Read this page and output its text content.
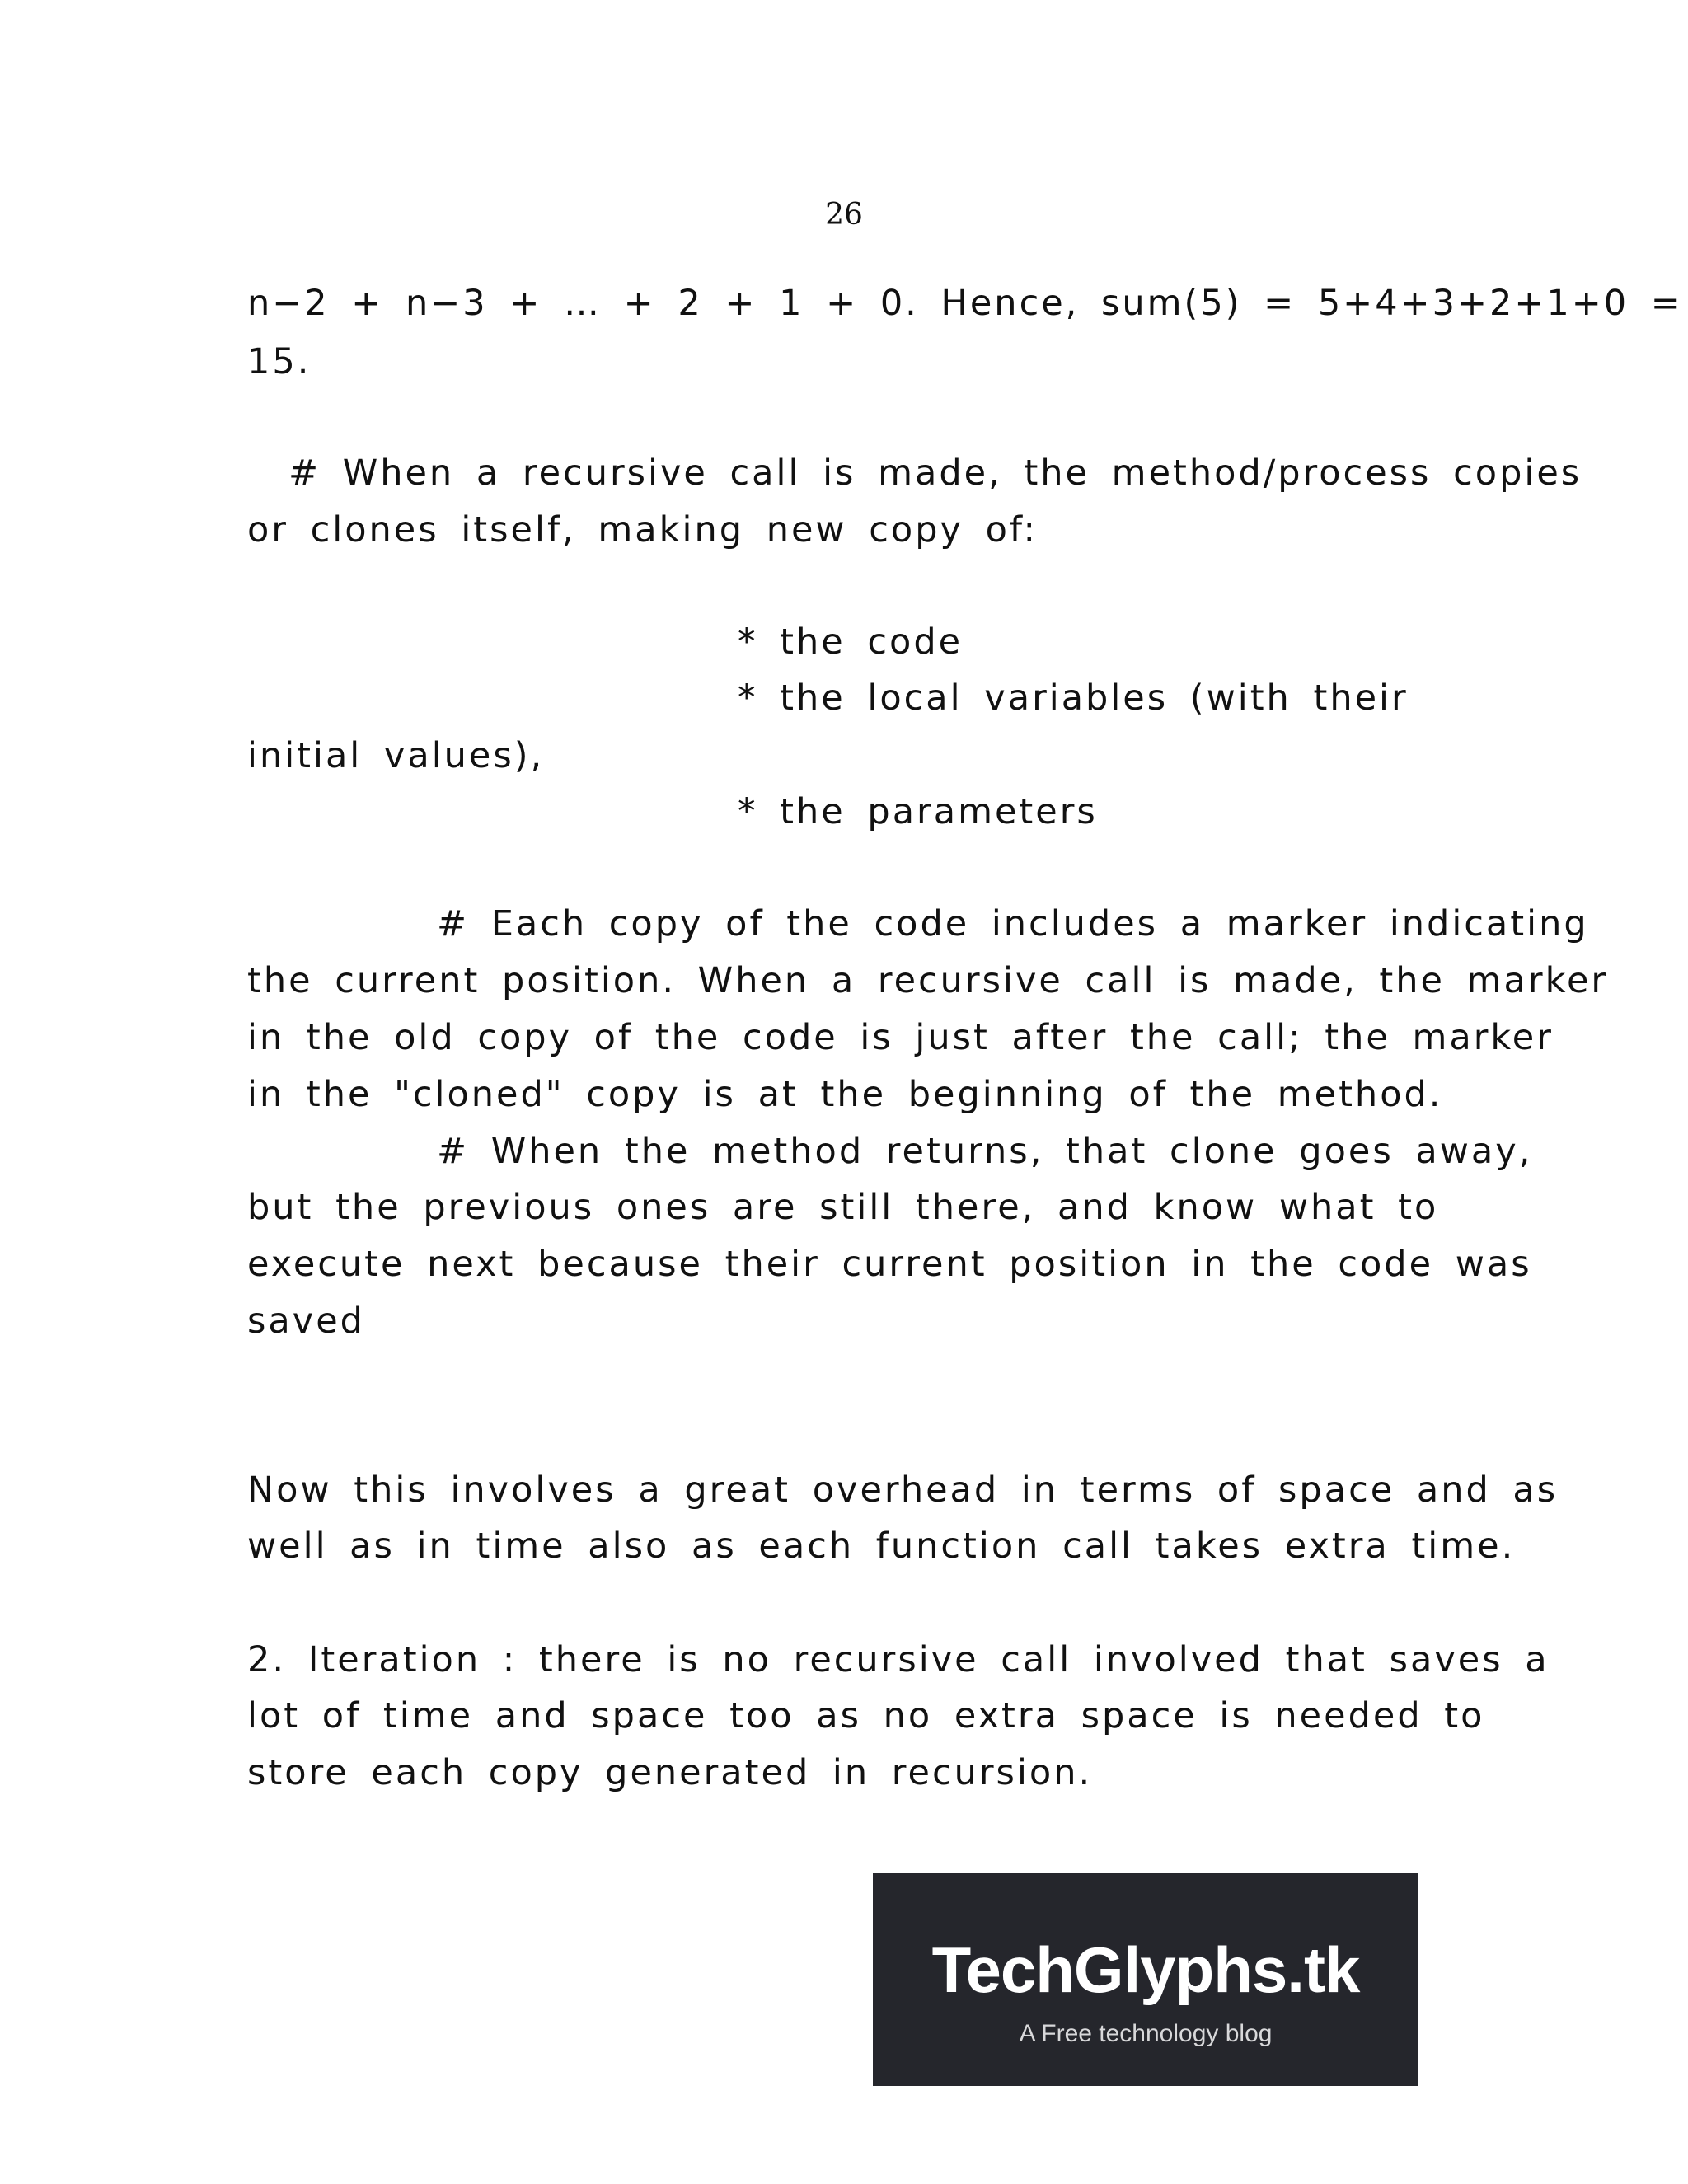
26
n−2 + n−3 + … + 2 + 1 + 0. Hence, sum(5) = 5+4+3+2+1+0 =
15.
# When a recursive call is made, the method/process copies
or clones itself, making new copy of:
* the code
* the local variables (with their
initial values),
* the parameters
# Each copy of the code includes a marker indicating
the current position. When a recursive call is made, the marker
in the old copy of the code is just after the call; the marker
in the "cloned" copy is at the beginning of the method.
# When the method returns, that clone goes away,
but the previous ones are still there, and know what to
execute next because their current position in the code was
saved
Now this involves a great overhead in terms of space and as
well as in time also as each function call takes extra time.
2. Iteration : there is no recursive call involved that saves a
lot of time and space too as no extra space is needed to
store each copy generated in recursion.
TechGlyphs.tk
A Free technology blog
